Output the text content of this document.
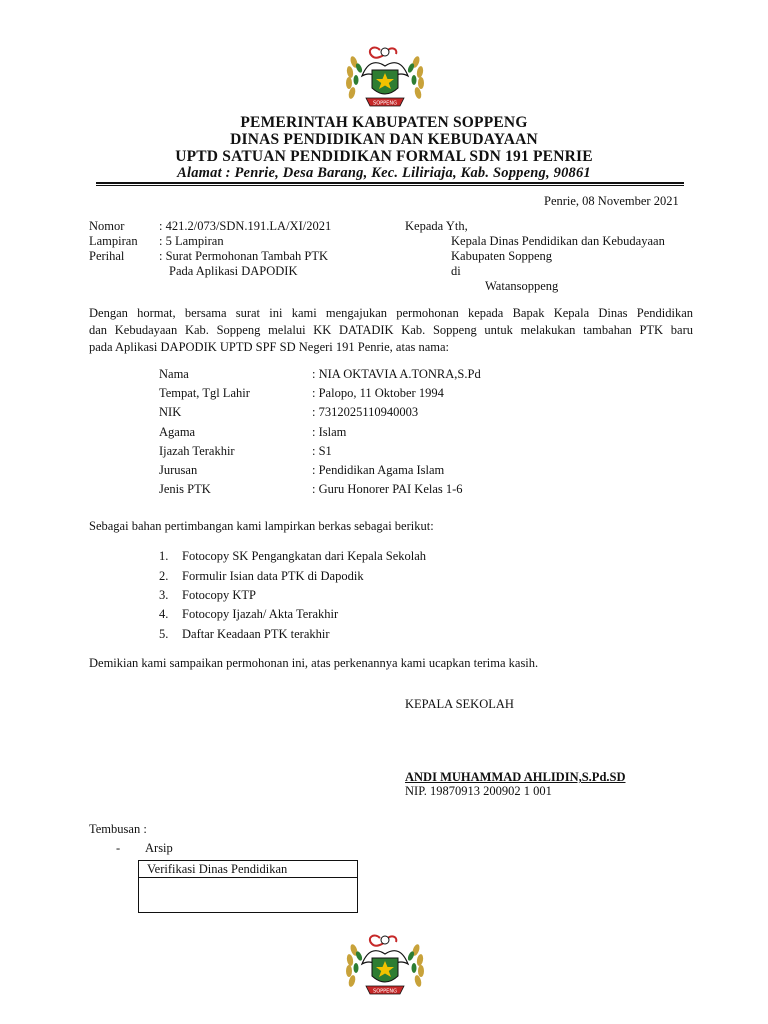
SOPPENG
PEMERINTAH KABUPATEN SOPPENG
DINAS PENDIDIKAN DAN KEBUDAYAAN
UPTD SATUAN PENDIDIKAN FORMAL SDN 191 PENRIE
Alamat : Penrie, Desa Barang, Kec. Liliriaja, Kab. Soppeng, 90861
Penrie, 08 November 2021
Nomor	: 421.2/073/SDN.191.LA/XI/2021
Lampiran : 5 Lampiran
Perihal	: Surat Permohonan Tambah PTK
Pada Aplikasi DAPODIK
Kepada Yth,
Kepala Dinas Pendidikan dan Kebudayaan
Kabupaten Soppeng
di
Watansoppeng
Dengan hormat, bersama surat ini kami mengajukan permohonan kepada Bapak Kepala Dinas Pendidikan
dan Kebudayaan Kab. Soppeng melalui KK DATADIK Kab. Soppeng untuk melakukan tambahan PTK baru
pada Aplikasi DAPODIK UPTD SPF SD Negeri 191 Penrie, atas nama:
Nama	: NIA OKTAVIA A.TONRA,S.Pd
Tempat, Tgl Lahir	: Palopo, 11 Oktober 1994
NIK	: 7312025110940003
Agama	: Islam
Ijazah Terakhir	: S1
Jurusan	: Pendidikan Agama Islam
Jenis PTK	: Guru Honorer PAI Kelas 1-6
Sebagai bahan pertimbangan kami lampirkan berkas sebagai berikut:
1. Fotocopy SK Pengangkatan dari Kepala Sekolah
2. Formulir Isian data PTK di Dapodik
3. Fotocopy KTP
4. Fotocopy Ijazah/ Akta Terakhir
5. Daftar Keadaan PTK terakhir
Demikian kami sampaikan permohonan ini, atas perkenannya kami ucapkan terima kasih.
KEPALA SEKOLAH
ANDI MUHAMMAD AHLIDIN,S.Pd.SD
NIP. 19870913 200902 1 001
Tembusan :
- Arsip
Verifikasi Dinas Pendidikan
SOPPENG
